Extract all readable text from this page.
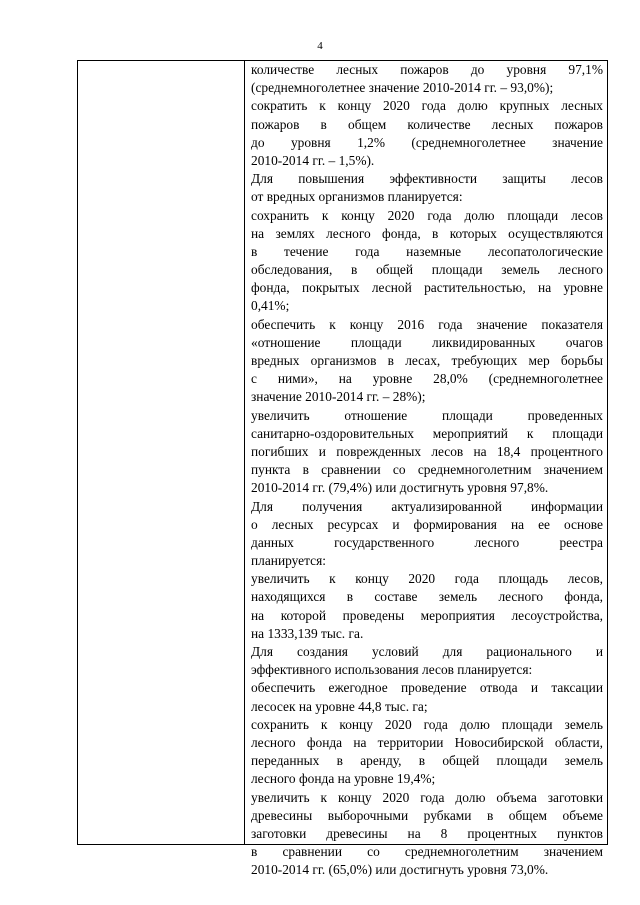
4
количестве лесных пожаров до уровня 97,1%
(среднемноголетнее значение 2010-2014 гг. – 93,0%);
сократить к концу 2020 года долю крупных лесных
пожаров в общем количестве лесных пожаров
до уровня 1,2% (среднемноголетнее значение
2010-2014 гг. – 1,5%).
Для повышения эффективности защиты лесов
от вредных организмов планируется:
сохранить к концу 2020 года долю площади лесов
на землях лесного фонда, в которых осуществляются
в течение года наземные лесопатологические
обследования, в общей площади земель лесного
фонда, покрытых лесной растительностью, на уровне
0,41%;
обеспечить к концу 2016 года значение показателя
«отношение площади ликвидированных очагов
вредных организмов в лесах, требующих мер борьбы
с ними», на уровне 28,0% (среднемноголетнее
значение 2010-2014 гг. – 28%);
увеличить отношение площади проведенных
санитарно-оздоровительных мероприятий к площади
погибших и поврежденных лесов на 18,4 процентного
пункта в сравнении со среднемноголетним значением
2010-2014 гг. (79,4%) или достигнуть уровня 97,8%.
Для получения актуализированной информации
о лесных ресурсах и формирования на ее основе
данных государственного лесного реестра
планируется:
увеличить к концу 2020 года площадь лесов,
находящихся в составе земель лесного фонда,
на которой проведены мероприятия лесоустройства,
на 1333,139 тыс. га.
Для создания условий для рационального и
эффективного использования лесов планируется:
обеспечить ежегодное проведение отвода и таксации
лесосек на уровне 44,8 тыс. га;
сохранить к концу 2020 года долю площади земель
лесного фонда на территории Новосибирской области,
переданных в аренду, в общей площади земель
лесного фонда на уровне 19,4%;
увеличить к концу 2020 года долю объема заготовки
древесины выборочными рубками в общем объеме
заготовки древесины на 8 процентных пунктов
в сравнении со среднемноголетним значением
2010-2014 гг. (65,0%) или достигнуть уровня 73,0%.
